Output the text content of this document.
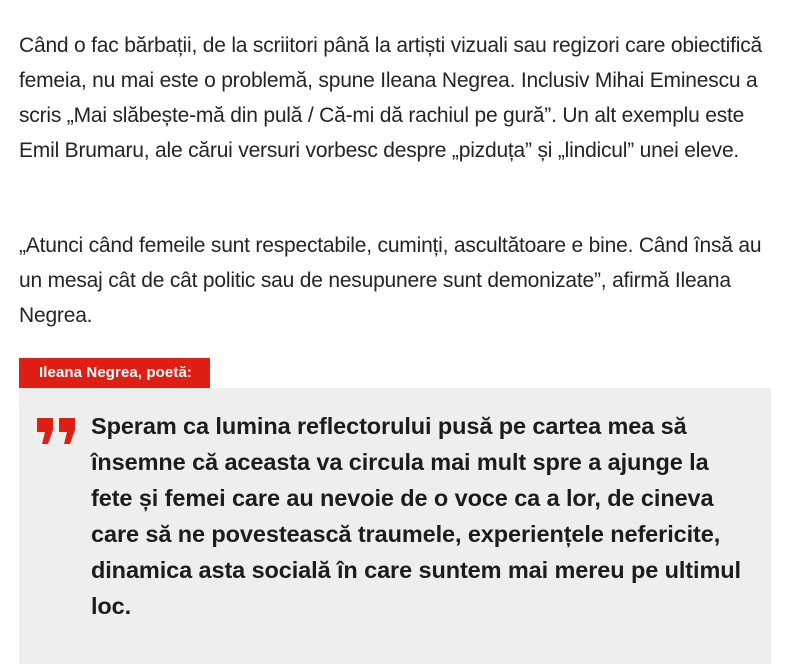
Când o fac bărbații, de la scriitori până la artiști vizuali sau regizori care obiectifică femeia, nu mai este o problemă, spune Ileana Negrea. Inclusiv Mihai Eminescu a scris „Mai slăbește-mă din pulă / Că-mi dă rachiul pe gură”. Un alt exemplu este Emil Brumaru, ale cărui versuri vorbesc despre „pizduța” și „lindicul” unei eleve.

„Atunci când femeile sunt respectabile, cuminți, ascultătoare e bine. Când însă au un mesaj cât de cât politic sau de nesupunere sunt demonizate”, afirmă Ileana Negrea.

Ileana Negrea, poetă:

Speram ca lumina reflectorului pusă pe cartea mea să însemne că aceasta va circula mai mult spre a ajunge la fete și femei care au nevoie de o voce ca a lor, de cineva care să ne povestească traumele, experiențele nefericite, dinamica asta socială în care suntem mai mereu pe ultimul loc.
